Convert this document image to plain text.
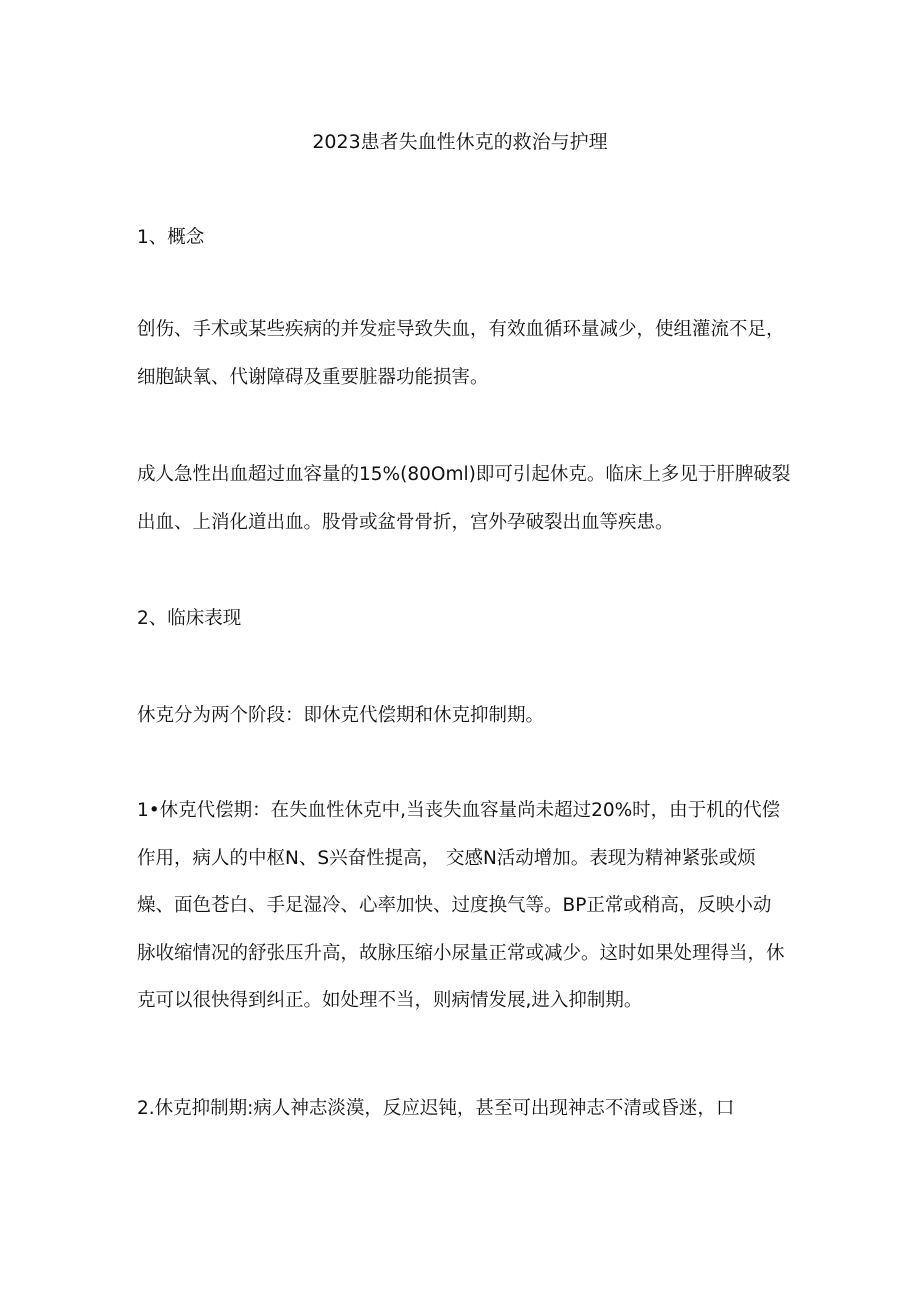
2023患者失血性休克的救治与护理

1、概念

创伤、手术或某些疾病的并发症导致失血，有效血循环量减少，使组灌流不足，
细胞缺氧、代谢障碍及重要脏器功能损害。
成人急性出血超过血容量的15%(80Oml)即可引起休克。临床上多见于肝脾破裂
出血、上消化道出血。股骨或盆骨骨折，宫外孕破裂出血等疾患。

2、临床表现

休克分为两个阶段：即休克代偿期和休克抑制期。
1•休克代偿期：在失血性休克中,当丧失血容量尚未超过20%时，由于机的代偿
作用，病人的中枢N、S兴奋性提高， 交感N活动增加。表现为精神紧张或烦
燥、面色苍白、手足湿冷、心率加快、过度换气等。BP正常或稍高，反映小动
脉收缩情况的舒张压升高，故脉压缩小尿量正常或减少。这时如果处理得当，休
克可以很快得到纠正。如处理不当，则病情发展,进入抑制期。
2.休克抑制期:病人神志淡漠，反应迟钝，甚至可出现神志不清或昏迷，口
